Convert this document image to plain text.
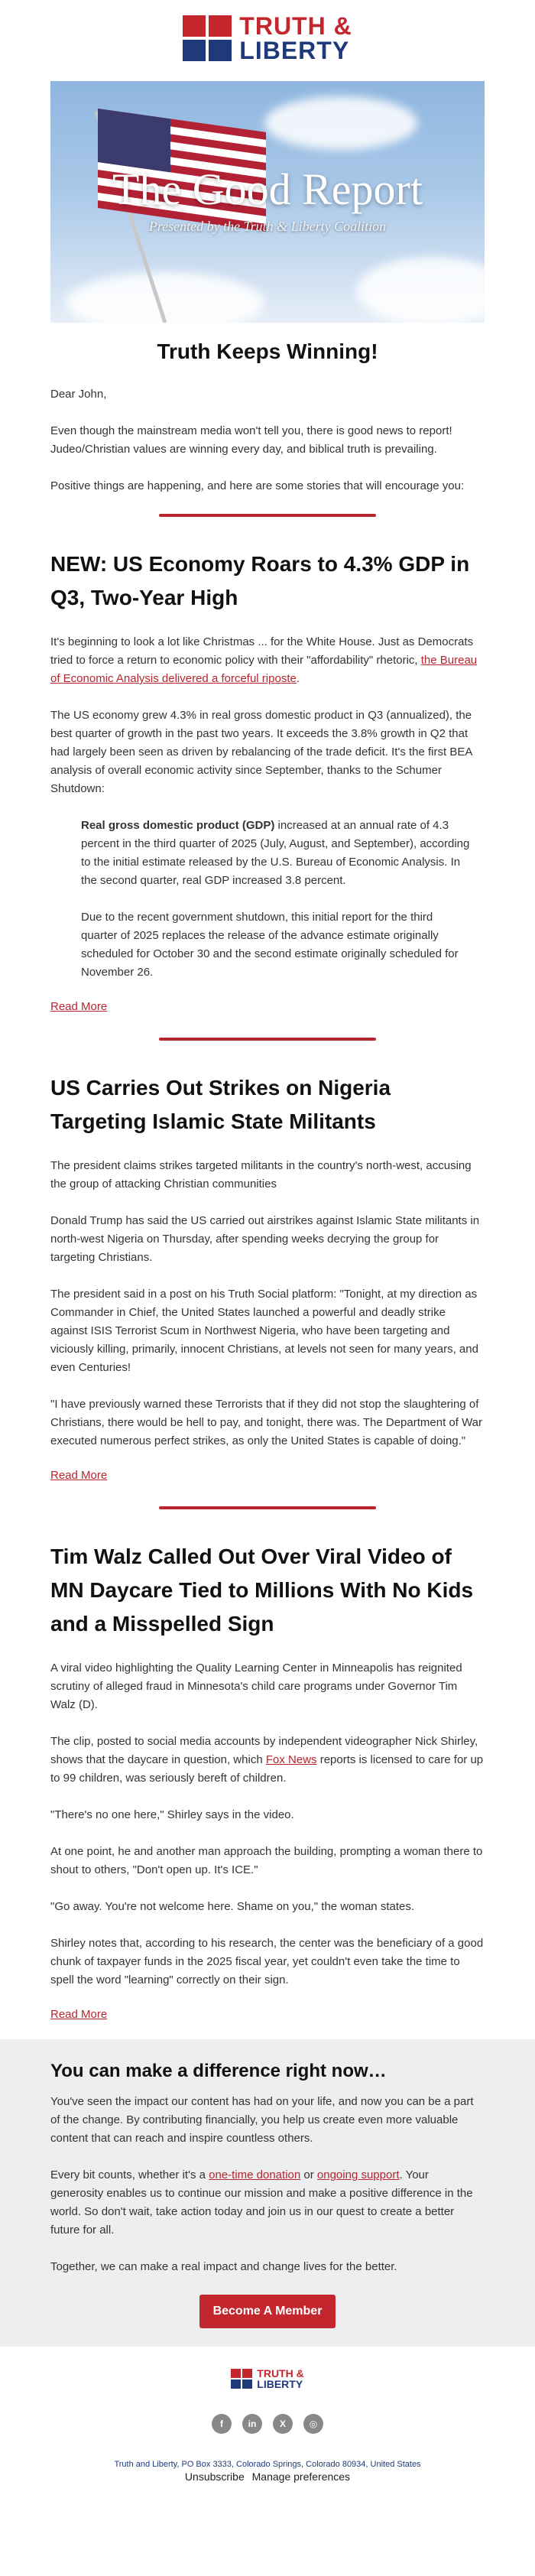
TRUTH &
LIBERTY
The Good Report
Presented by the Truth & Liberty Coalition
Truth Keeps Winning!

Dear John,

Even though the mainstream media won't tell you, there is good news to report! Judeo/Christian values are winning every day, and biblical truth is prevailing.

Positive things are happening, and here are some stories that will encourage you:

NEW: US Economy Roars to 4.3% GDP in Q3, Two-Year High

It's beginning to look a lot like Christmas ... for the White House. Just as Democrats tried to force a return to economic policy with their "affordability" rhetoric, the Bureau of Economic Analysis delivered a forceful riposte.

The US economy grew 4.3% in real gross domestic product in Q3 (annualized), the best quarter of growth in the past two years. It exceeds the 3.8% growth in Q2 that had largely been seen as driven by rebalancing of the trade deficit. It's the first BEA analysis of overall economic activity since September, thanks to the Schumer Shutdown:

Real gross domestic product (GDP) increased at an annual rate of 4.3 percent in the third quarter of 2025 (July, August, and September), according to the initial estimate released by the U.S. Bureau of Economic Analysis. In the second quarter, real GDP increased 3.8 percent.

Due to the recent government shutdown, this initial report for the third quarter of 2025 replaces the release of the advance estimate originally scheduled for October 30 and the second estimate originally scheduled for November 26.

Read More
US Carries Out Strikes on Nigeria Targeting Islamic State Militants

The president claims strikes targeted militants in the country's north-west, accusing the group of attacking Christian communities

Donald Trump has said the US carried out airstrikes against Islamic State militants in north-west Nigeria on Thursday, after spending weeks decrying the group for targeting Christians.

The president said in a post on his Truth Social platform: "Tonight, at my direction as Commander in Chief, the United States launched a powerful and deadly strike against ISIS Terrorist Scum in Northwest Nigeria, who have been targeting and viciously killing, primarily, innocent Christians, at levels not seen for many years, and even Centuries!

"I have previously warned these Terrorists that if they did not stop the slaughtering of Christians, there would be hell to pay, and tonight, there was. The Department of War executed numerous perfect strikes, as only the United States is capable of doing."

Read More
Tim Walz Called Out Over Viral Video of MN Daycare Tied to Millions With No Kids and a Misspelled Sign

A viral video highlighting the Quality Learning Center in Minneapolis has reignited scrutiny of alleged fraud in Minnesota's child care programs under Governor Tim Walz (D).

The clip, posted to social media accounts by independent videographer Nick Shirley, shows that the daycare in question, which Fox News reports is licensed to care for up to 99 children, was seriously bereft of children.

"There's no one here," Shirley says in the video.

At one point, he and another man approach the building, prompting a woman there to shout to others, "Don't open up. It's ICE."

"Go away. You're not welcome here. Shame on you," the woman states.

Shirley notes that, according to his research, the center was the beneficiary of a good chunk of taxpayer funds in the 2025 fiscal year, yet couldn't even take the time to spell the word "learning" correctly on their sign.

Read More
You can make a difference right now…

You've seen the impact our content has had on your life, and now you can be a part of the change. By contributing financially, you help us create even more valuable content that can reach and inspire countless others.

Every bit counts, whether it's a one-time donation or ongoing support. Your generosity enables us to continue our mission and make a positive difference in the world. So don't wait, take action today and join us in our quest to create a better future for all.

Together, we can make a real impact and change lives for the better.

Become A Member
TRUTH &
LIBERTY
f	in	X	◎
Truth and Liberty, PO Box 3333, Colorado Springs, Colorado 80934, United States
Unsubscribe Manage preferences
